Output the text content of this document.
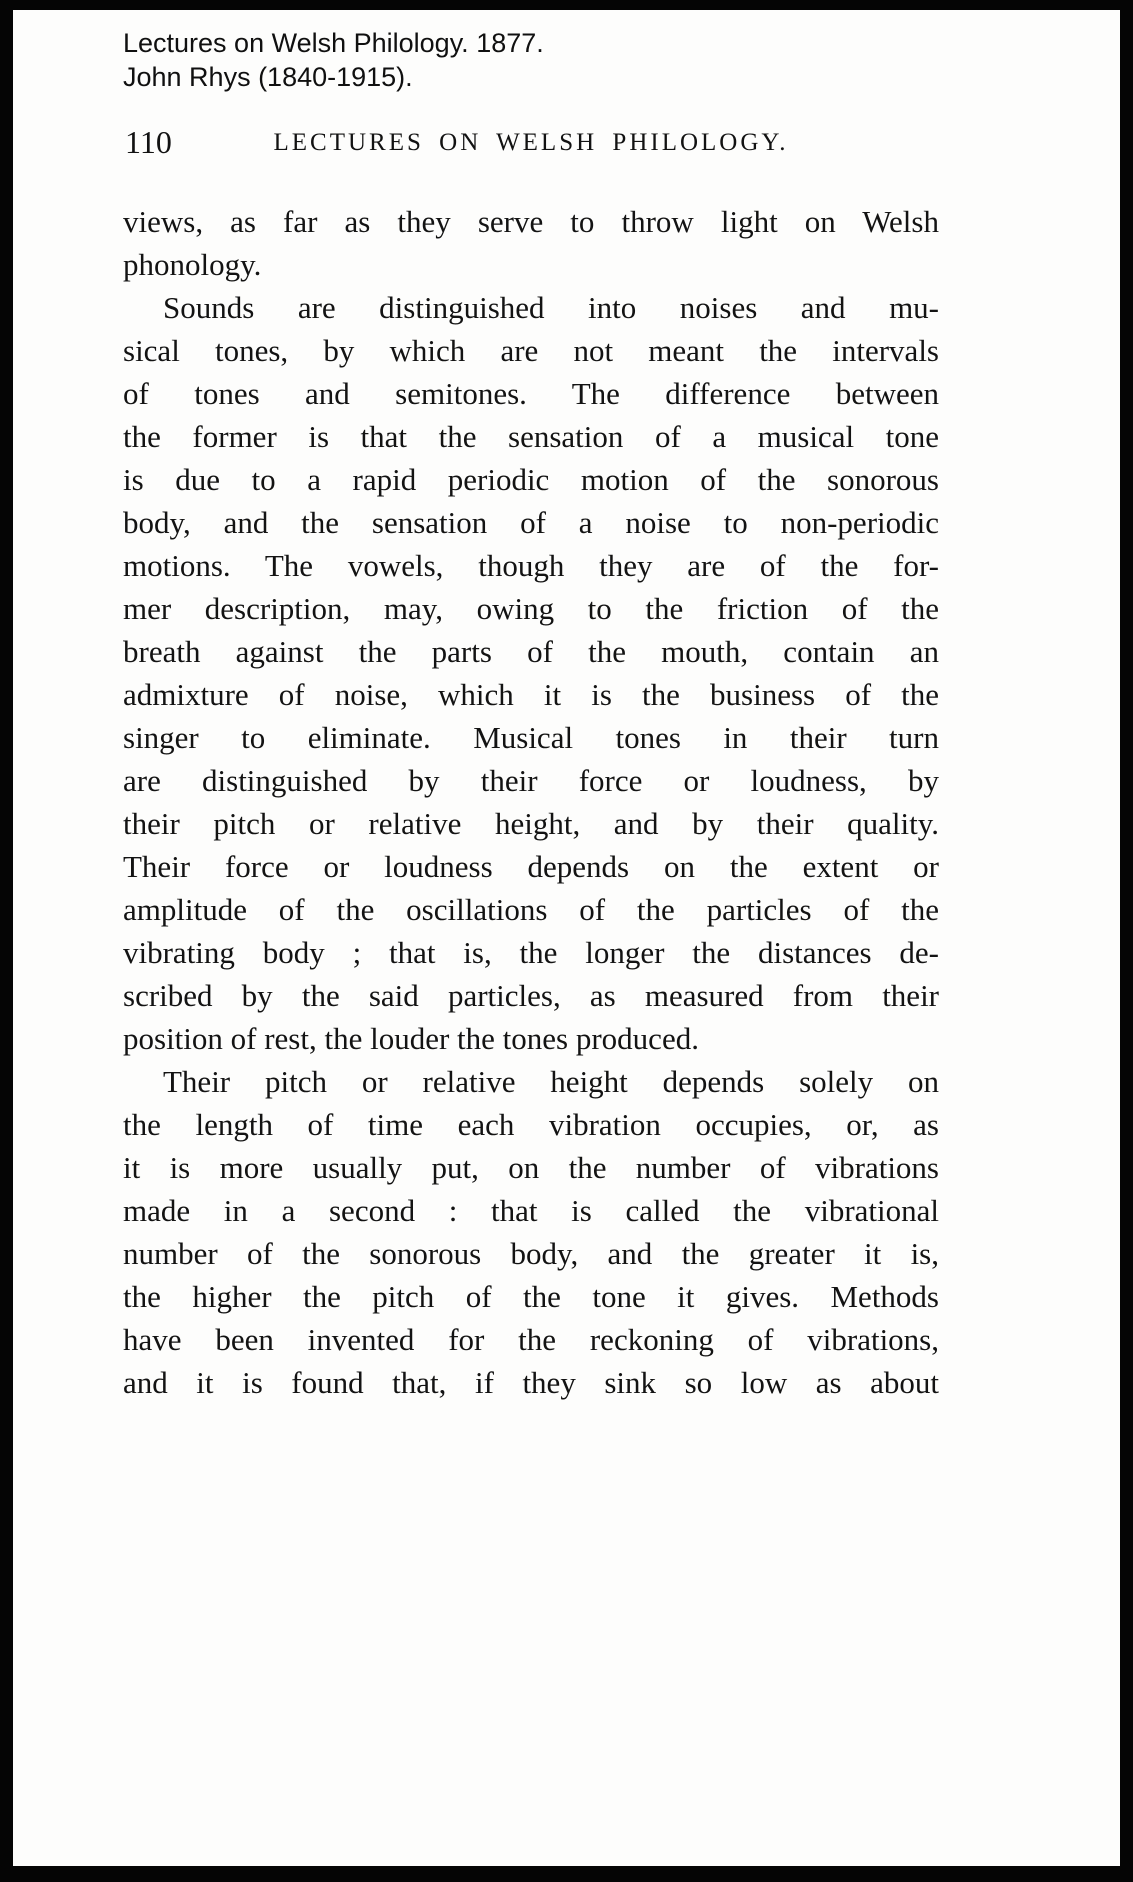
Lectures on Welsh Philology. 1877.
John Rhys (1840-1915).
110	LECTURES ON WELSH PHILOLOGY.
views, as far as they serve to throw light on Welsh
phonology.
Sounds are distinguished into noises and mu-
sical tones, by which are not meant the intervals
of tones and semitones. The difference between
the former is that the sensation of a musical tone
is due to a rapid periodic motion of the sonorous
body, and the sensation of a noise to non-periodic
motions. The vowels, though they are of the for-
mer description, may, owing to the friction of the
breath against the parts of the mouth, contain an
admixture of noise, which it is the business of the
singer to eliminate. Musical tones in their turn
are distinguished by their force or loudness, by
their pitch or relative height, and by their quality.
Their force or loudness depends on the extent or
amplitude of the oscillations of the particles of the
vibrating body ; that is, the longer the distances de-
scribed by the said particles, as measured from their
position of rest, the louder the tones produced.
Their pitch or relative height depends solely on
the length of time each vibration occupies, or, as
it is more usually put, on the number of vibrations
made in a second : that is called the vibrational
number of the sonorous body, and the greater it is,
the higher the pitch of the tone it gives. Methods
have been invented for the reckoning of vibrations,
and it is found that, if they sink so low as about
